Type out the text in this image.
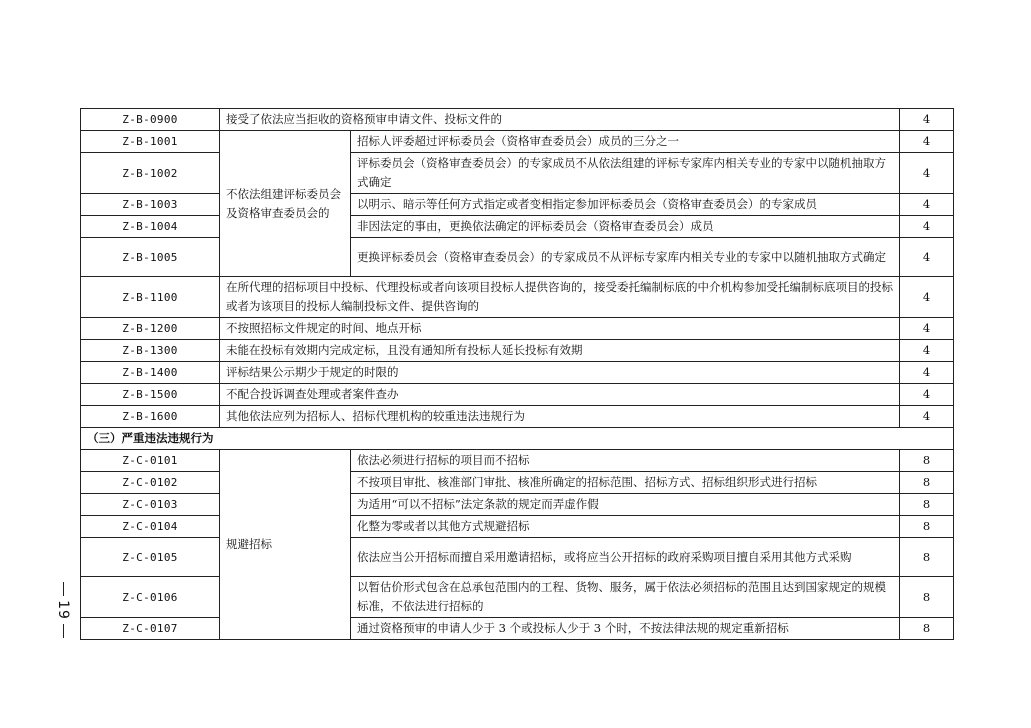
Z-B-0900	接受了依法应当拒收的资格预审申请文件、投标文件的		4
Z-B-1001	不依法组建评标委员会及资格审查委员会的	招标人评委超过评标委员会（资格审查委员会）成员的三分之一	4
Z-B-1002		评标委员会（资格审查委员会）的专家成员不从依法组建的评标专家库内相关专业的专家中以随机抽取方式确定	4
Z-B-1003		以明示、暗示等任何方式指定或者变相指定参加评标委员会（资格审查委员会）的专家成员	4
Z-B-1004		非因法定的事由，更换依法确定的评标委员会（资格审查委员会）成员	4
Z-B-1005		更换评标委员会（资格审查委员会）的专家成员不从评标专家库内相关专业的专家中以随机抽取方式确定	4
Z-B-1100	在所代理的招标项目中投标、代理投标或者向该项目投标人提供咨询的，接受委托编制标底的中介机构参加受托编制标底项目的投标或者为该项目的投标人编制投标文件、提供咨询的		4
Z-B-1200	不按照招标文件规定的时间、地点开标		4
Z-B-1300	未能在投标有效期内完成定标，且没有通知所有投标人延长投标有效期		4
Z-B-1400	评标结果公示期少于规定的时限的		4
Z-B-1500	不配合投诉调查处理或者案件查办		4
Z-B-1600	其他依法应列为招标人、招标代理机构的较重违法违规行为		4
（三）严重违法违规行为			
Z-C-0101	规避招标	依法必须进行招标的项目而不招标	8
Z-C-0102		不按项目审批、核准部门审批、核准所确定的招标范围、招标方式、招标组织形式进行招标	8
Z-C-0103		为适用“可以不招标”法定条款的规定而弄虚作假	8
Z-C-0104		化整为零或者以其他方式规避招标	8
Z-C-0105		依法应当公开招标而擅自采用邀请招标，或将应当公开招标的政府采购项目擅自采用其他方式采购	8
Z-C-0106		以暂估价形式包含在总承包范围内的工程、货物、服务，属于依法必须招标的范围且达到国家规定的规模标准，不依法进行招标的	8
Z-C-0107		通过资格预审的申请人少于 3 个或投标人少于 3 个时，不按法律法规的规定重新招标	8
19
